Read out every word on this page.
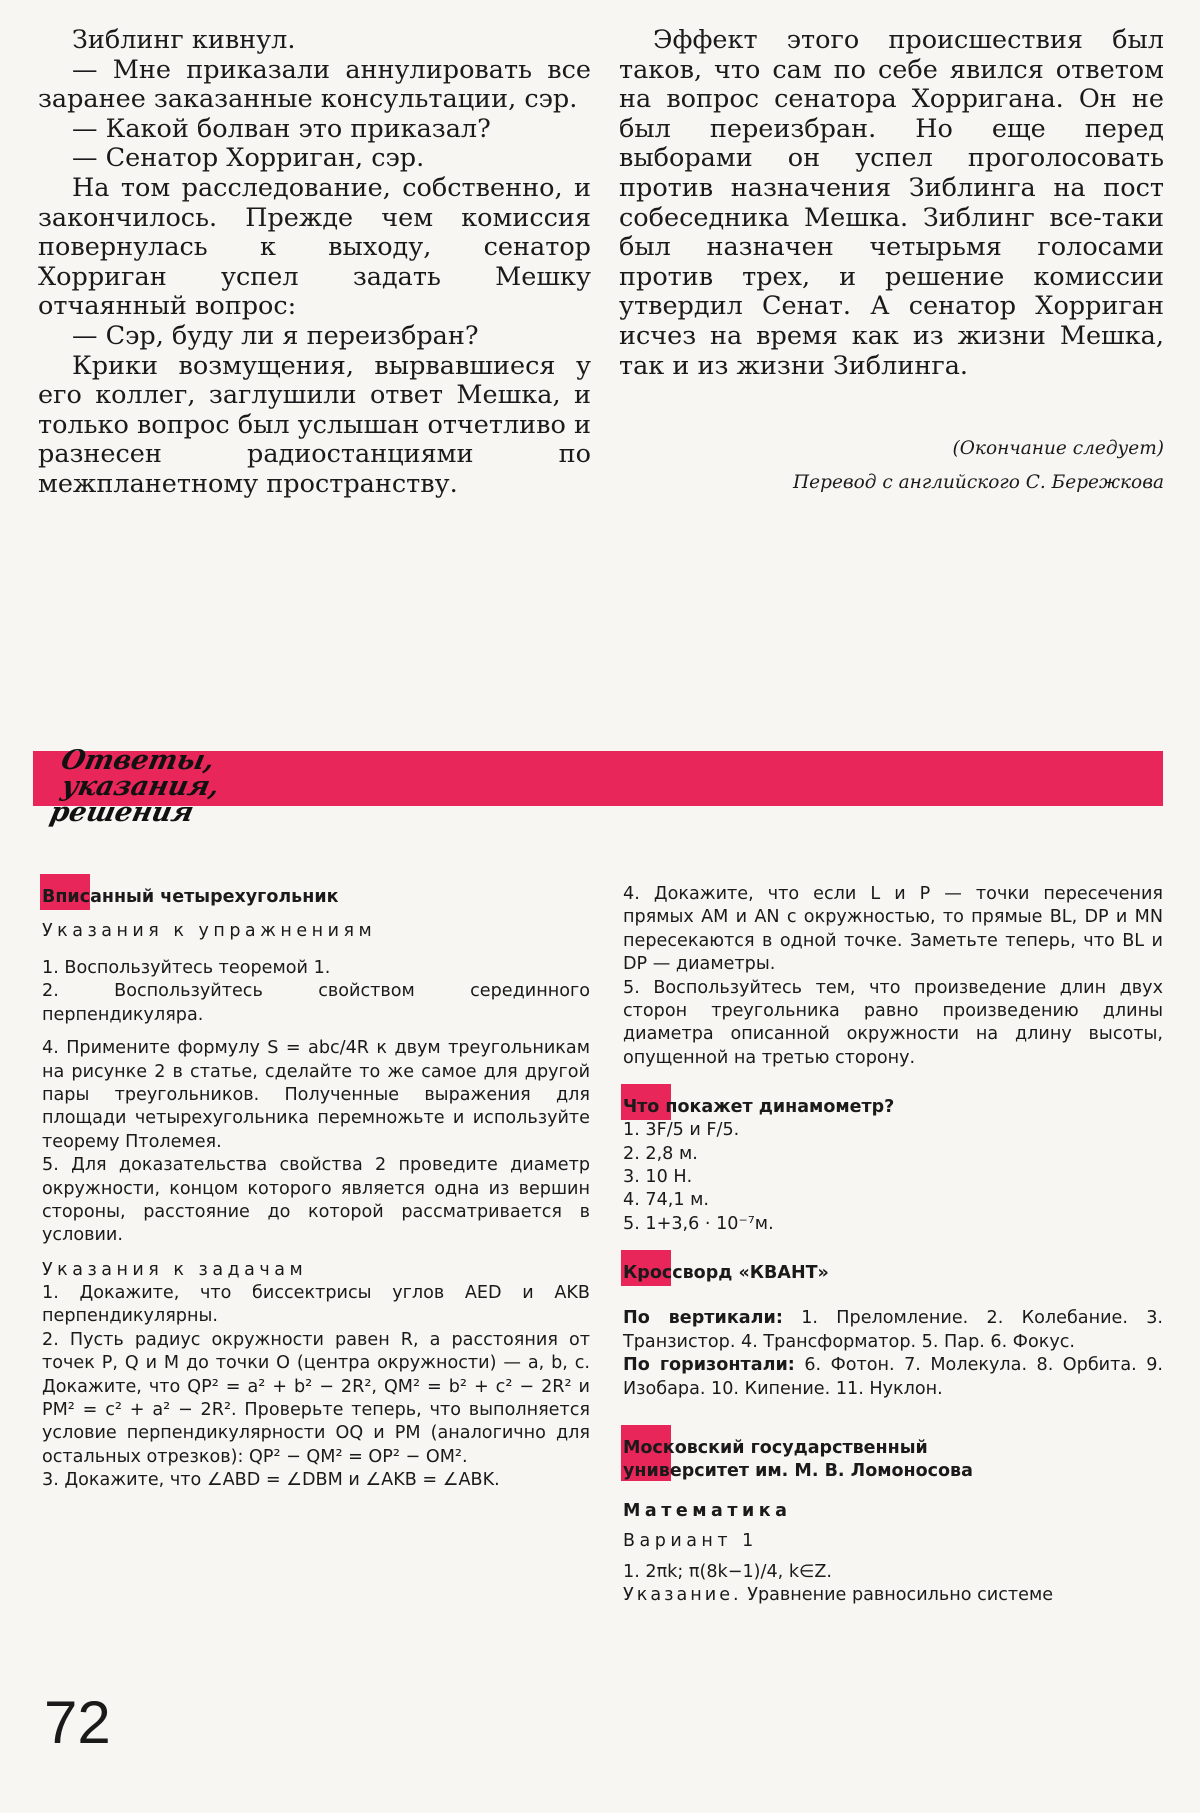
Зиблинг кивнул.

— Мне приказали аннулировать все заранее заказанные консультации, сэр.

— Какой болван это приказал?

— Сенатор Хорриган, сэр.

На том расследование, собственно, и закончилось. Прежде чем комиссия повернулась к выходу, сенатор Хорриган успел задать Мешку отчаянный вопрос:

— Сэр, буду ли я переизбран?

Крики возмущения, вырвавшиеся у его коллег, заглушили ответ Мешка, и только вопрос был услышан отчетливо и разнесен радиостанциями по межпланетному пространству.

Эффект этого происшествия был таков, что сам по себе явился ответом на вопрос сенатора Хорригана. Он не был переизбран. Но еще перед выборами он успел проголосовать против назначения Зиблинга на пост собеседника Мешка. Зиблинг все-таки был назначен четырьмя голосами против трех, и решение комиссии утвердил Сенат. А сенатор Хорриган исчез на время как из жизни Мешка, так и из жизни Зиблинга.

(Окончание следует)
Перевод с английского С. Бережкова
Ответы,
указания,
решения
Вписанный четырехугольник

Указания к упражнениям

1. Воспользуйтесь теоремой 1.

2. Воспользуйтесь свойством серединного перпендикуляра.

4. Примените формулу S = abc/4R к двум треугольникам на рисунке 2 в статье, сделайте то же самое для другой пары треугольников. Полученные выражения для площади четырехугольника перемножьте и используйте теорему Птолемея.

5. Для доказательства свойства 2 проведите диаметр окружности, концом которого является одна из вершин стороны, расстояние до которой рассматривается в условии.

Указания к задачам

1. Докажите, что биссектрисы углов AED и AKB перпендикулярны.

2. Пусть радиус окружности равен R, а расстояния от точек P, Q и M до точки O (центра окружности) — a, b, c. Докажите, что QP² = a² + b² − 2R², QM² = b² + c² − 2R² и PM² = c² + a² − 2R². Проверьте теперь, что выполняется условие перпендикулярности OQ и PM (аналогично для остальных отрезков): QP² − QM² = OP² − OM².

3. Докажите, что ∠ABD = ∠DBM и ∠AKB = ∠ABK.

4. Докажите, что если L и P — точки пересечения прямых AM и AN с окружностью, то прямые BL, DP и MN пересекаются в одной точке. Заметьте теперь, что BL и DP — диаметры.

5. Воспользуйтесь тем, что произведение длин двух сторон треугольника равно произведению длины диаметра описанной окружности на длину высоты, опущенной на третью сторону.

Что покажет динамометр?

1. 3F/5 и F/5.

2. 2,8 м.

3. 10 Н.

4. 74,1 м.

5. 1+3,6 · 10⁻⁷м.

Кроссворд «КВАНТ»

По вертикали: 1. Преломление. 2. Колебание. 3. Транзистор. 4. Трансформатор. 5. Пар. 6. Фокус.

По горизонтали: 6. Фотон. 7. Молекула. 8. Орбита. 9. Изобара. 10. Кипение. 11. Нуклон.

Московский государственный
университет им. М. В. Ломоносова

Математика

Вариант 1

1. 2πk; π(8k−1)/4, k∈Z.

Указание. Уравнение равносильно системе

72
